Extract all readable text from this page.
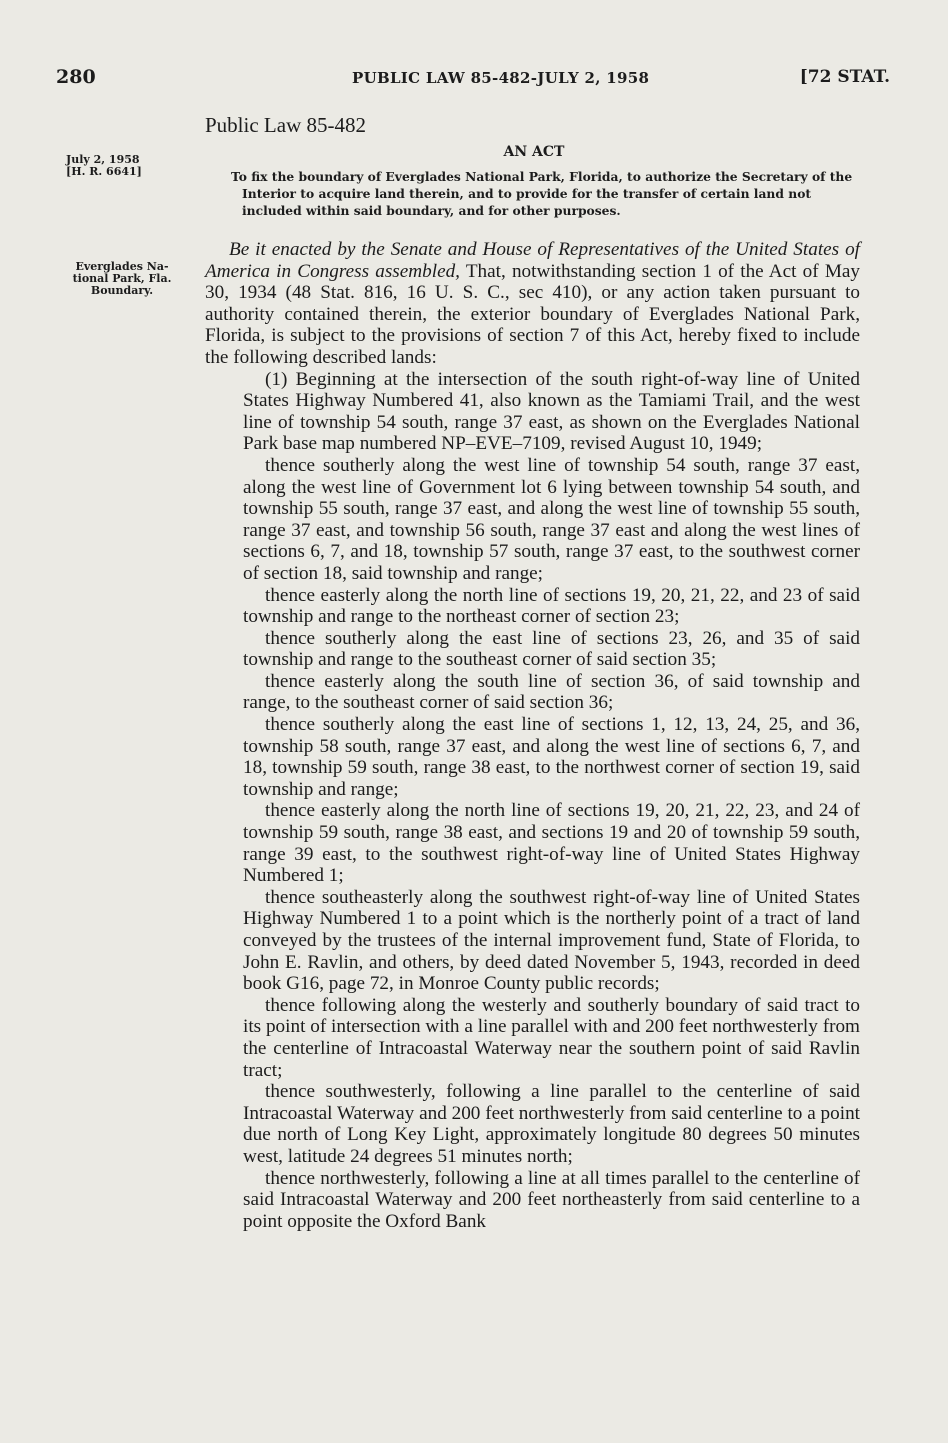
280	PUBLIC LAW 85-482-JULY 2, 1958	[72 STAT.
Public Law 85-482
AN ACT
July 2, 1958
[H. R. 6641]	To fix the boundary of Everglades National Park, Florida, to authorize the Secretary of the Interior to acquire land therein, and to provide for the transfer of certain land not included within said boundary, and for other purposes.
Everglades Na-
tional Park, Fla.
Boundary.

Be it enacted by the Senate and House of Representatives of the United States of America in Congress assembled, That, notwithstanding section 1 of the Act of May 30, 1934 (48 Stat. 816, 16 U. S. C., sec 410), or any action taken pursuant to authority contained therein, the exterior boundary of Everglades National Park, Florida, is subject to the provisions of section 7 of this Act, hereby fixed to include the following described lands:

(1) Beginning at the intersection of the south right-of-way line of United States Highway Numbered 41, also known as the Tamiami Trail, and the west line of township 54 south, range 37 east, as shown on the Everglades National Park base map numbered NP–EVE–7109, revised August 10, 1949;

thence southerly along the west line of township 54 south, range 37 east, along the west line of Government lot 6 lying between township 54 south, and township 55 south, range 37 east, and along the west line of township 55 south, range 37 east, and township 56 south, range 37 east and along the west lines of sections 6, 7, and 18, township 57 south, range 37 east, to the southwest corner of section 18, said township and range;

thence easterly along the north line of sections 19, 20, 21, 22, and 23 of said township and range to the northeast corner of section 23;

thence southerly along the east line of sections 23, 26, and 35 of said township and range to the southeast corner of said section 35;

thence easterly along the south line of section 36, of said township and range, to the southeast corner of said section 36;

thence southerly along the east line of sections 1, 12, 13, 24, 25, and 36, township 58 south, range 37 east, and along the west line of sections 6, 7, and 18, township 59 south, range 38 east, to the northwest corner of section 19, said township and range;

thence easterly along the north line of sections 19, 20, 21, 22, 23, and 24 of township 59 south, range 38 east, and sections 19 and 20 of township 59 south, range 39 east, to the southwest right-of-way line of United States Highway Numbered 1;

thence southeasterly along the southwest right-of-way line of United States Highway Numbered 1 to a point which is the northerly point of a tract of land conveyed by the trustees of the internal improvement fund, State of Florida, to John E. Ravlin, and others, by deed dated November 5, 1943, recorded in deed book G16, page 72, in Monroe County public records;

thence following along the westerly and southerly boundary of said tract to its point of intersection with a line parallel with and 200 feet northwesterly from the centerline of Intracoastal Waterway near the southern point of said Ravlin tract;

thence southwesterly, following a line parallel to the centerline of said Intracoastal Waterway and 200 feet northwesterly from said centerline to a point due north of Long Key Light, approximately longitude 80 degrees 50 minutes west, latitude 24 degrees 51 minutes north;

thence northwesterly, following a line at all times parallel to the centerline of said Intracoastal Waterway and 200 feet northeasterly from said centerline to a point opposite the Oxford Bank
